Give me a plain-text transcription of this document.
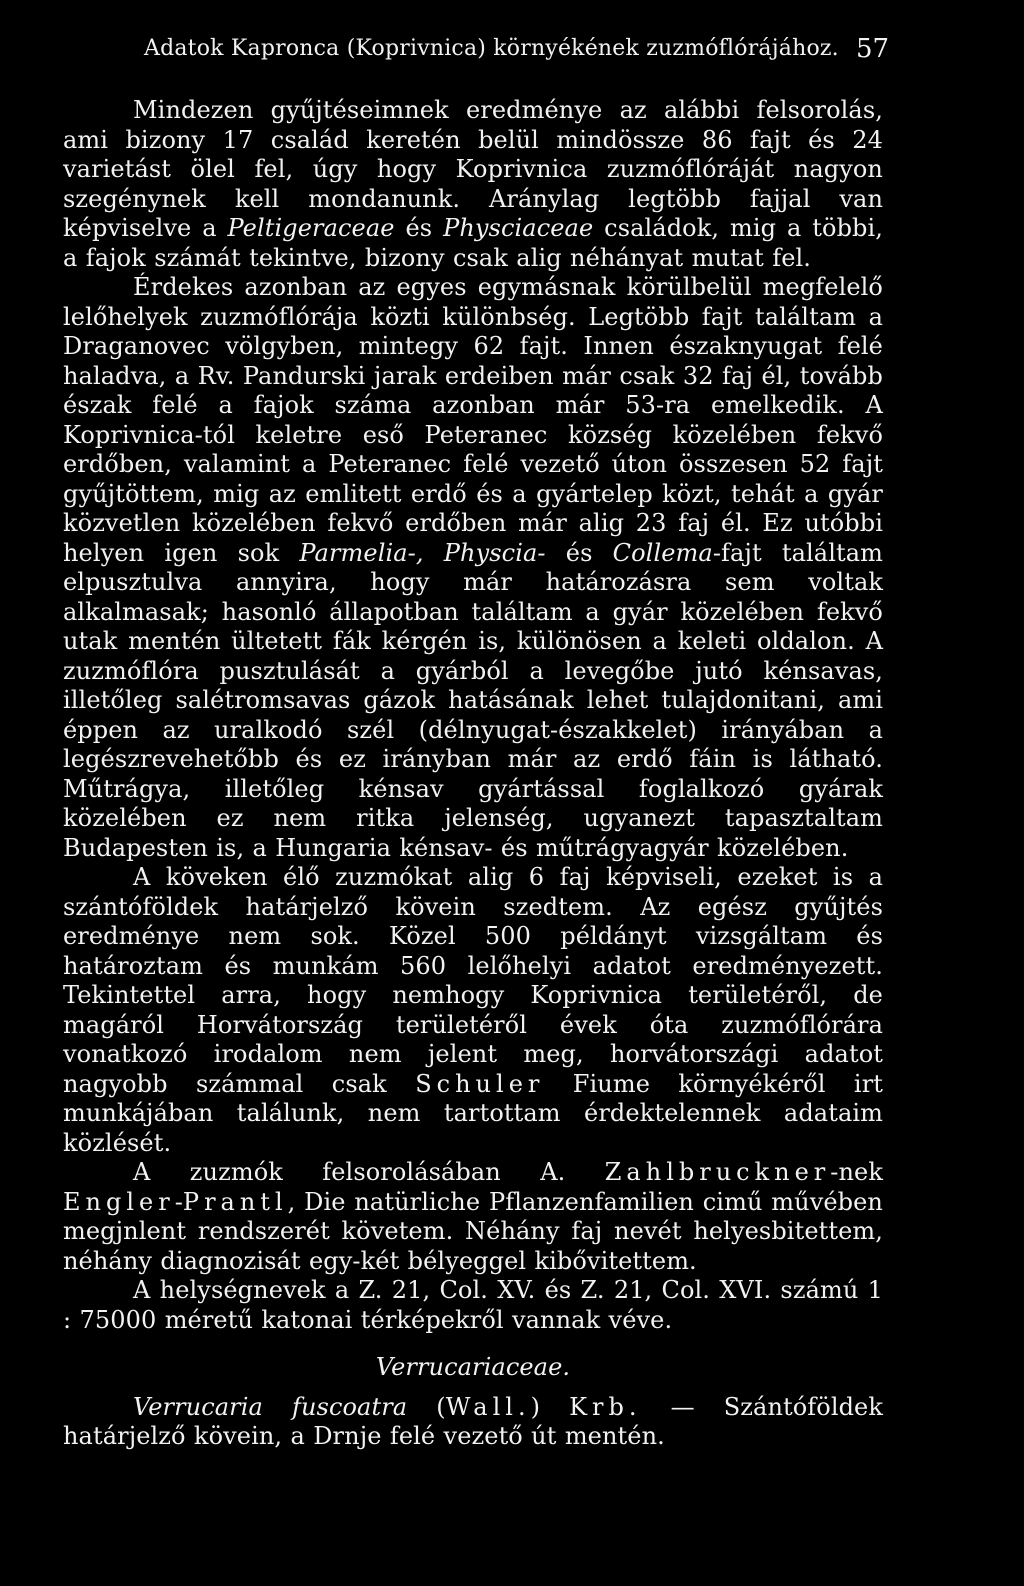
Adatok Kapronca (Koprivnica) környékének zuzmóflórájához. 57

Mindezen gyűjtéseimnek eredménye az alábbi felsorolás, ami bizony 17 család keretén belül mindössze 86 fajt és 24 varietást ölel fel, úgy hogy Koprivnica zuzmóflóráját nagyon szegénynek kell mondanunk. Aránylag legtöbb fajjal van képviselve a Peltigeraceae és Physciaceae családok, mig a többi, a fajok számát tekintve, bizony csak alig néhányat mutat fel.

Érdekes azonban az egyes egymásnak körülbelül megfelelő lelőhelyek zuzmóflórája közti különbség. Legtöbb fajt találtam a Draganovec völgyben, mintegy 62 fajt. Innen északnyugat felé haladva, a Rv. Pandurski jarak erdeiben már csak 32 faj él, tovább észak felé a fajok száma azonban már 53-ra emelkedik. A Koprivnica-tól keletre eső Peteranec község közelében fekvő erdőben, valamint a Peteranec felé vezető úton összesen 52 fajt gyűjtöttem, mig az emlitett erdő és a gyártelep közt, tehát a gyár közvetlen közelében fekvő erdőben már alig 23 faj él. Ez utóbbi helyen igen sok Parmelia-, Physcia- és Collema-fajt találtam elpusztulva annyira, hogy már határozásra sem voltak alkalmasak; hasonló állapotban találtam a gyár közelében fekvő utak mentén ültetett fák kérgén is, különösen a keleti oldalon. A zuzmóflóra pusztulását a gyárból a levegőbe jutó kénsavas, illetőleg salétromsavas gázok hatásának lehet tulajdonitani, ami éppen az uralkodó szél (délnyugat-északkelet) irányában a legészrevehetőbb és ez irányban már az erdő fáin is látható. Műtrágya, illetőleg kénsav gyártással foglalkozó gyárak közelében ez nem ritka jelenség, ugyanezt tapasztaltam Budapesten is, a Hungaria kénsav- és műtrágyagyár közelében.

A köveken élő zuzmókat alig 6 faj képviseli, ezeket is a szántóföldek határjelző kövein szedtem. Az egész gyűjtés eredménye nem sok. Közel 500 példányt vizsgáltam és határoztam és munkám 560 lelőhelyi adatot eredményezett. Tekintettel arra, hogy nemhogy Koprivnica területéről, de magáról Horvátország területéről évek óta zuzmóflórára vonatkozó irodalom nem jelent meg, horvátországi adatot nagyobb számmal csak Schuler Fiume környékéről irt munkájában találunk, nem tartottam érdektelennek adataim közlését.

A zuzmók felsorolásában A. Zahlbruckner-nek Engler-Prantl, Die natürliche Pflanzenfamilien cimű művében megjnlent rendszerét követem. Néhány faj nevét helyesbitettem, néhány diagnozisát egy-két bélyeggel kibővitettem.

A helységnevek a Z. 21, Col. XV. és Z. 21, Col. XVI. számú 1 : 75000 méretű katonai térképekről vannak véve.

Verrucariaceae.

Verrucaria fuscoatra (Wall.) Krb. — Szántóföldek határjelző kövein, a Drnje felé vezető út mentén.
